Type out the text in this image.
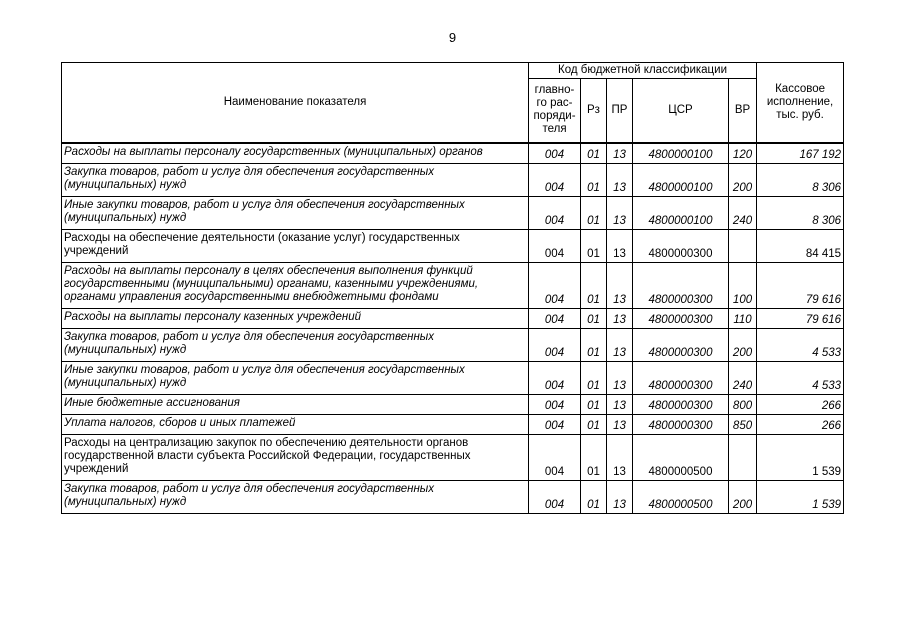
9
Наименование показателя	Код бюджетной классификации					Кассовое исполнение, тыс. руб.
	главно-го рас-поряди-теля	Рз	ПР	ЦСР	ВР	
Расходы на выплаты персоналу государственных (муниципальных) органов	004	01	13	4800000100	120	167 192
Закупка товаров, работ и услуг для обеспечения государственных (муниципальных) нужд	004	01	13	4800000100	200	8 306
Иные закупки товаров, работ и услуг для обеспечения государственных (муниципальных) нужд	004	01	13	4800000100	240	8 306
Расходы на обеспечение деятельности (оказание услуг) государственных учреждений	004	01	13	4800000300		84 415
Расходы на выплаты персоналу в целях обеспечения выполнения функций государственными (муниципальными) органами, казенными учреждениями, органами управления государственными внебюджетными фондами	004	01	13	4800000300	100	79 616
Расходы на выплаты персоналу казенных учреждений	004	01	13	4800000300	110	79 616
Закупка товаров, работ и услуг для обеспечения государственных (муниципальных) нужд	004	01	13	4800000300	200	4 533
Иные закупки товаров, работ и услуг для обеспечения государственных (муниципальных) нужд	004	01	13	4800000300	240	4 533
Иные бюджетные ассигнования	004	01	13	4800000300	800	266
Уплата налогов, сборов и иных платежей	004	01	13	4800000300	850	266
Расходы на централизацию закупок по обеспечению деятельности органов государственной власти субъекта Российской Федерации, государственных учреждений	004	01	13	4800000500		1 539
Закупка товаров, работ и услуг для обеспечения государственных (муниципальных) нужд	004	01	13	4800000500	200	1 539
